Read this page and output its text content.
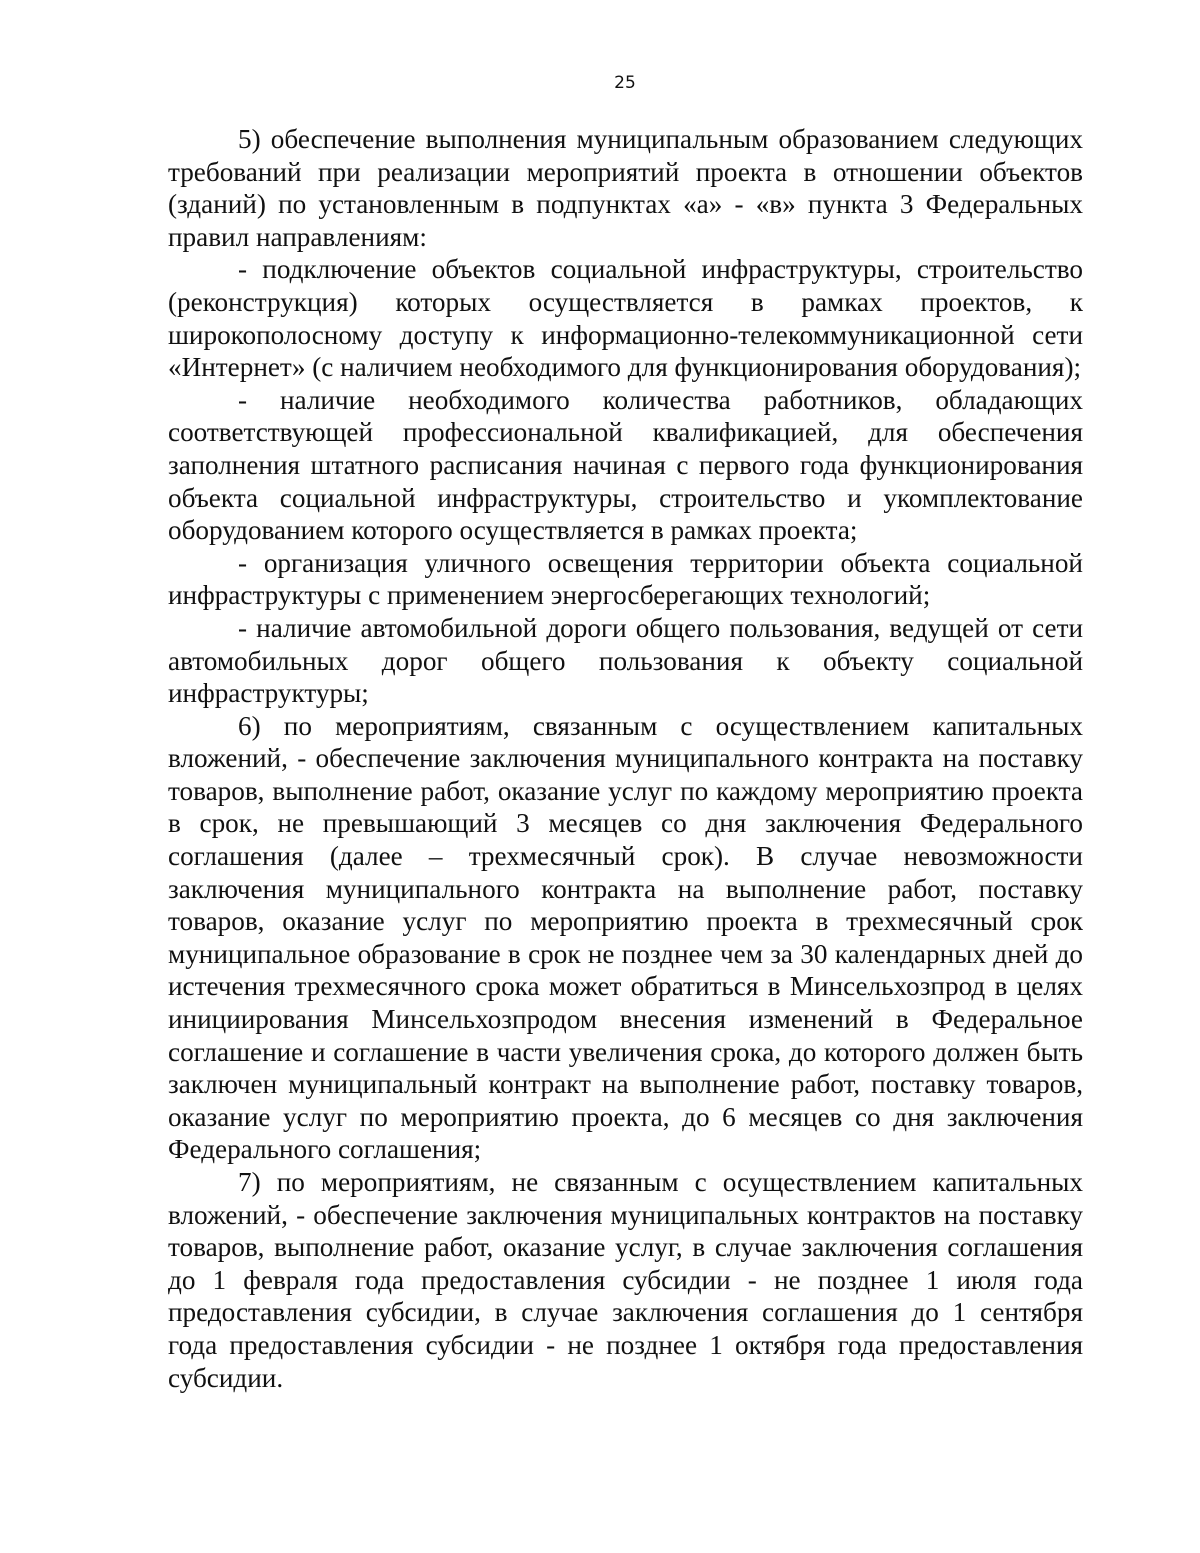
25

5) обеспечение выполнения муниципальным образованием следующих требований при реализации мероприятий проекта в отношении объектов (зданий) по установленным в подпунктах «а» - «в» пункта 3 Федеральных правил направлениям:

- подключение объектов социальной инфраструктуры, строительство (реконструкция) которых осуществляется в рамках проектов, к широкополосному доступу к информационно-телекоммуникационной сети «Интернет» (с наличием необходимого для функционирования оборудования);

- наличие необходимого количества работников, обладающих соответствующей профессиональной квалификацией, для обеспечения заполнения штатного расписания начиная с первого года функционирования объекта социальной инфраструктуры, строительство и укомплектование оборудованием которого осуществляется в рамках проекта;

- организация уличного освещения территории объекта социальной инфраструктуры с применением энергосберегающих технологий;

- наличие автомобильной дороги общего пользования, ведущей от сети автомобильных дорог общего пользования к объекту социальной инфраструктуры;

6) по мероприятиям, связанным с осуществлением капитальных вложений, - обеспечение заключения муниципального контракта на поставку товаров, выполнение работ, оказание услуг по каждому мероприятию проекта в срок, не превышающий 3 месяцев со дня заключения Федерального соглашения (далее – трехмесячный срок). В случае невозможности заключения муниципального контракта на выполнение работ, поставку товаров, оказание услуг по мероприятию проекта в трехмесячный срок муниципальное образование в срок не позднее чем за 30 календарных дней до истечения трехмесячного срока может обратиться в Минсельхозпрод в целях инициирования Минсельхозпродом внесения изменений в Федеральное соглашение и соглашение в части увеличения срока, до которого должен быть заключен муниципальный контракт на выполнение работ, поставку товаров, оказание услуг по мероприятию проекта, до 6 месяцев со дня заключения Федерального соглашения;

7) по мероприятиям, не связанным с осуществлением капитальных вложений, - обеспечение заключения муниципальных контрактов на поставку товаров, выполнение работ, оказание услуг, в случае заключения соглашения до 1 февраля года предоставления субсидии - не позднее 1 июля года предоставления субсидии, в случае заключения соглашения до 1 сентября года предоставления субсидии - не позднее 1 октября года предоставления субсидии.
